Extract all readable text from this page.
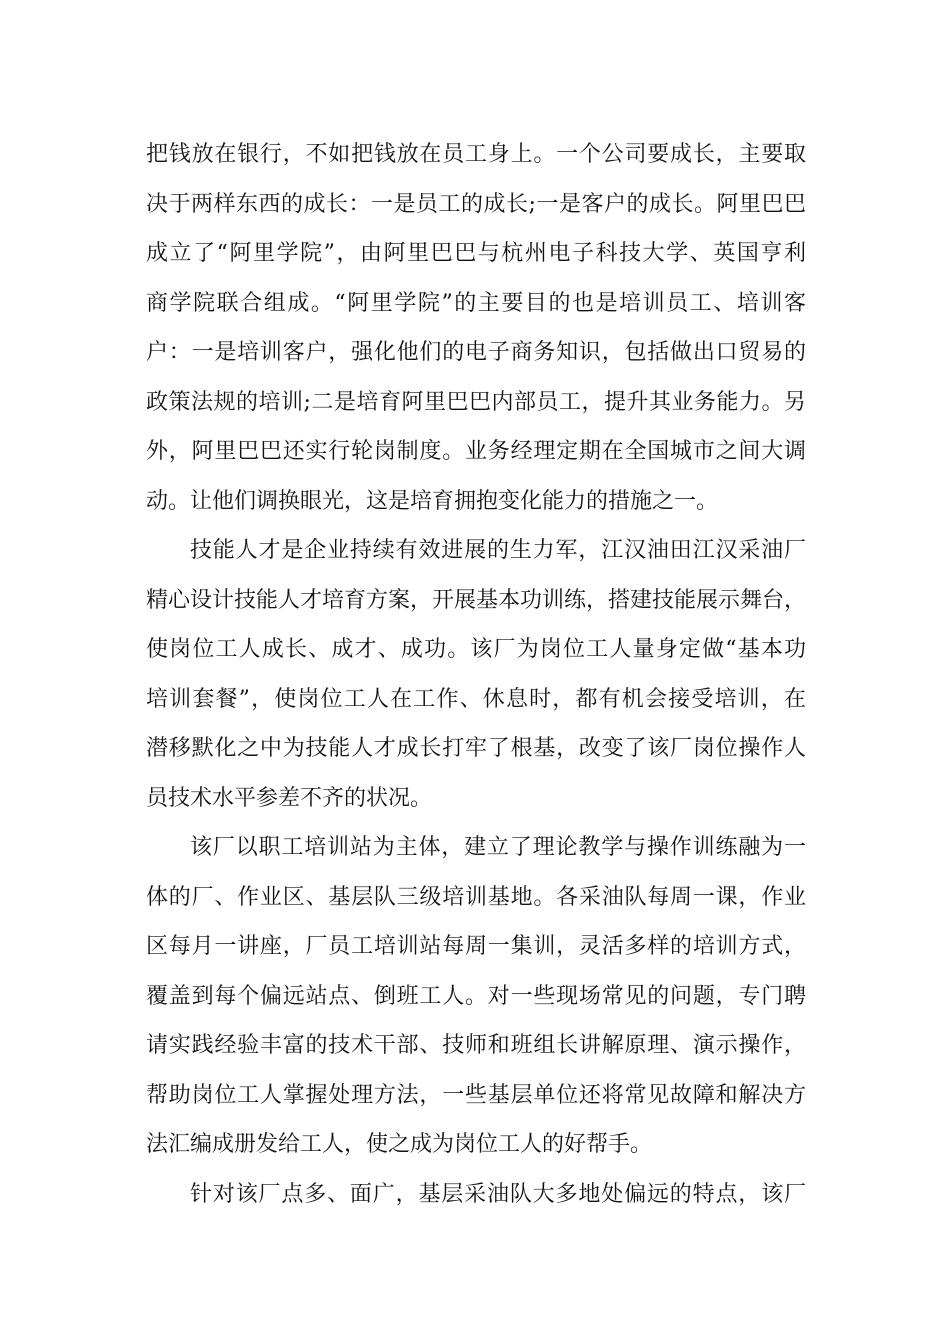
把钱放在银行，不如把钱放在员工身上。一个公司要成长，主要取
决于两样东西的成长：一是员工的成长;一是客户的成长。阿里巴巴
成立了“阿里学院”，由阿里巴巴与杭州电子科技大学、英国亨利
商学院联合组成。“阿里学院”的主要目的也是培训员工、培训客
户：一是培训客户，强化他们的电子商务知识，包括做出口贸易的
政策法规的培训;二是培育阿里巴巴内部员工，提升其业务能力。另
外，阿里巴巴还实行轮岗制度。业务经理定期在全国城市之间大调
动。让他们调换眼光，这是培育拥抱变化能力的措施之一。
技能人才是企业持续有效进展的生力军，江汉油田江汉采油厂
精心设计技能人才培育方案，开展基本功训练，搭建技能展示舞台，
使岗位工人成长、成才、成功。该厂为岗位工人量身定做“基本功
培训套餐”，使岗位工人在工作、休息时，都有机会接受培训，在
潜移默化之中为技能人才成长打牢了根基，改变了该厂岗位操作人
员技术水平参差不齐的状况。
该厂以职工培训站为主体，建立了理论教学与操作训练融为一
体的厂、作业区、基层队三级培训基地。各采油队每周一课，作业
区每月一讲座，厂员工培训站每周一集训，灵活多样的培训方式，
覆盖到每个偏远站点、倒班工人。对一些现场常见的问题，专门聘
请实践经验丰富的技术干部、技师和班组长讲解原理、演示操作，
帮助岗位工人掌握处理方法，一些基层单位还将常见故障和解决方
法汇编成册发给工人，使之成为岗位工人的好帮手。
针对该厂点多、面广，基层采油队大多地处偏远的特点，该厂
